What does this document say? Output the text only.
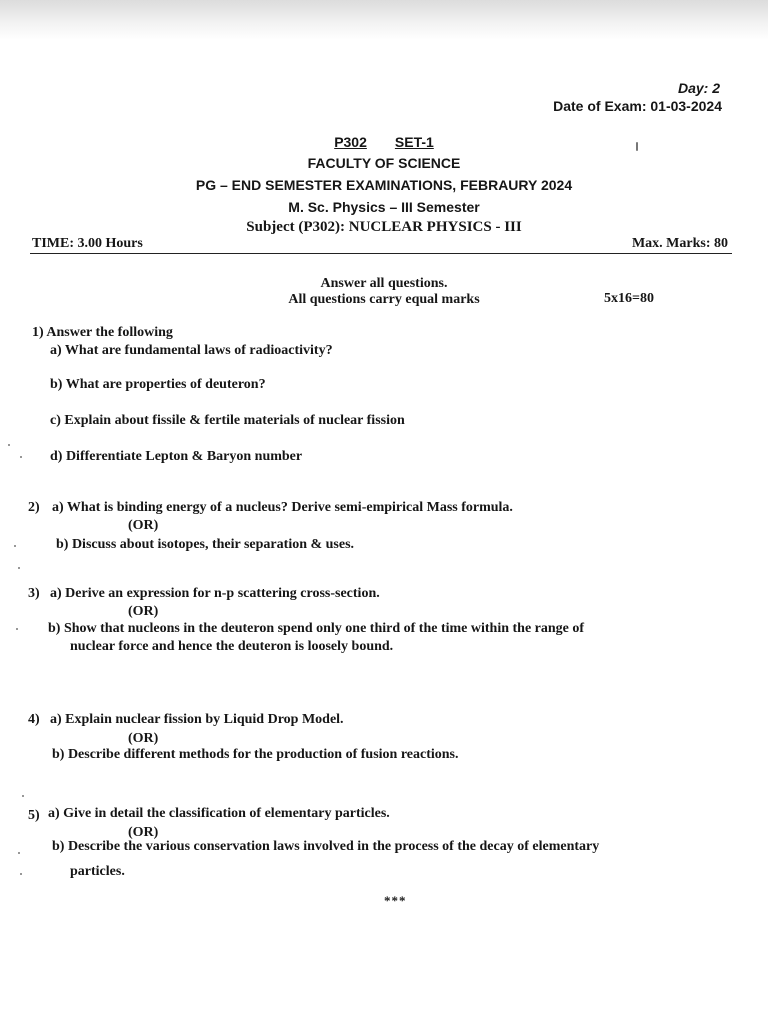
Day: 2
Date of Exam: 01-03-2024
P302 SET-1
FACULTY OF SCIENCE
PG – END SEMESTER EXAMINATIONS, FEBRAURY 2024
M. Sc. Physics – III Semester
Subject (P302): NUCLEAR PHYSICS - III
TIME: 3.00 Hours	Max. Marks: 80
Answer all questions.
All questions carry equal marks	5x16=80
1) Answer the following
a) What are fundamental laws of radioactivity?
b) What are properties of deuteron?
c) Explain about fissile & fertile materials of nuclear fission
d) Differentiate Lepton & Baryon number
2) a) What is binding energy of a nucleus? Derive semi-empirical Mass formula.
(OR)
b) Discuss about isotopes, their separation & uses.
3) a) Derive an expression for n-p scattering cross-section.
(OR)
b) Show that nucleons in the deuteron spend only one third of the time within the range of
nuclear force and hence the deuteron is loosely bound.
4) a) Explain nuclear fission by Liquid Drop Model.
(OR)
b) Describe different methods for the production of fusion reactions.
5) a) Give in detail the classification of elementary particles.
(OR)
b) Describe the various conservation laws involved in the process of the decay of elementary
particles.
***
